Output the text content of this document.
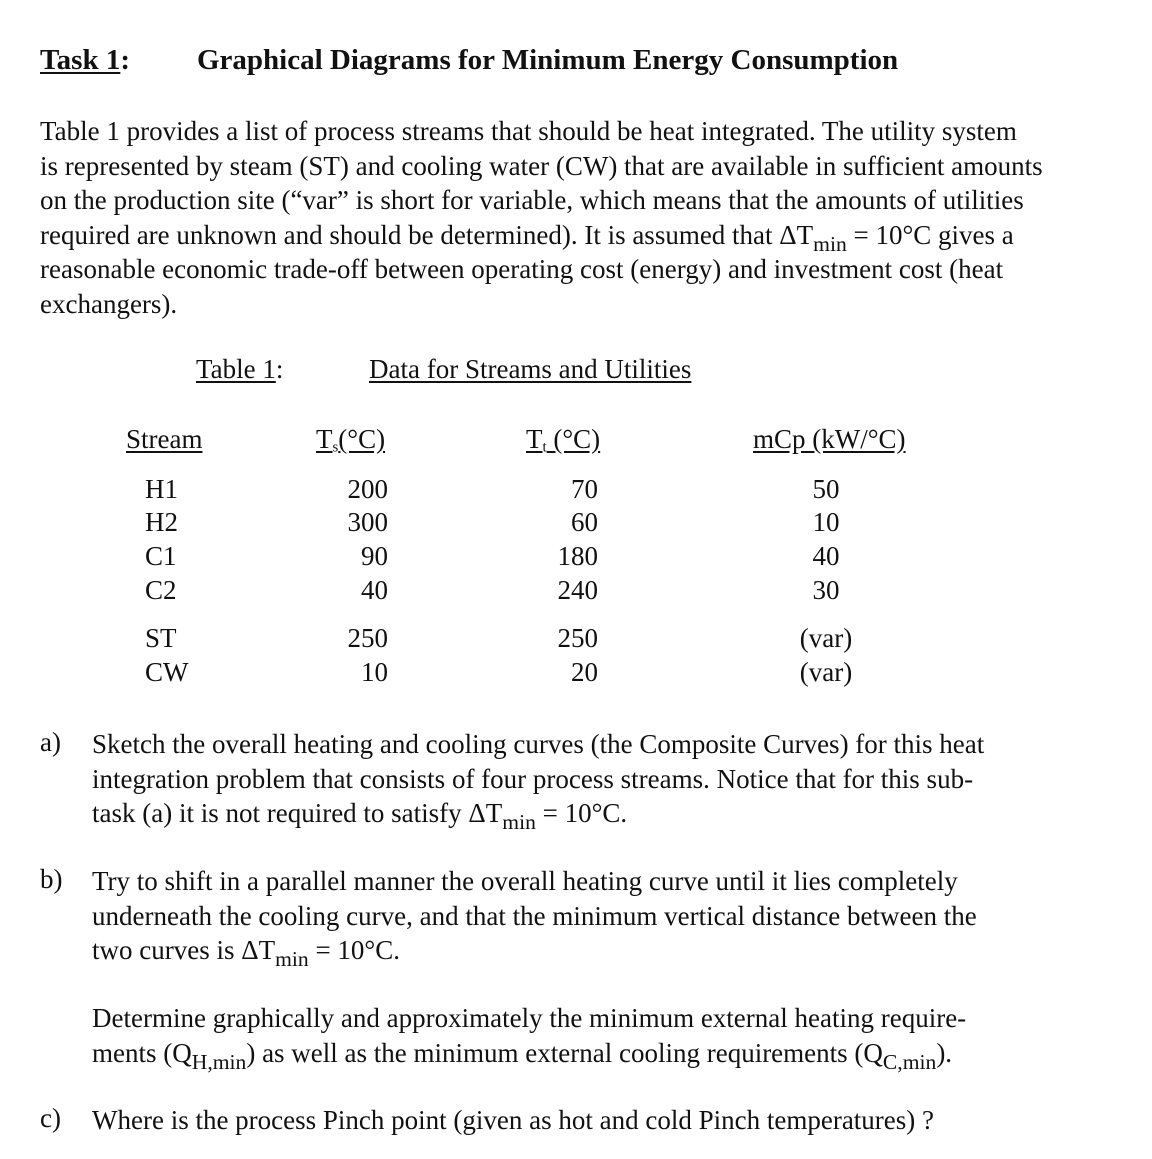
Task 1: Graphical Diagrams for Minimum Energy Consumption
Table 1 provides a list of process streams that should be heat integrated. The utility system
is represented by steam (ST) and cooling water (CW) that are available in sufficient amounts
on the production site (“var” is short for variable, which means that the amounts of utilities
required are unknown and should be determined). It is assumed that $\Delta T_{min} = 10^\circ C$ gives a
reasonable economic trade-off between operating cost (energy) and investment cost (heat
exchangers).
Table 1:	Data for Streams and Utilities
Stream	$T_s(^\circ C)$	$T_t$ (°C)	mCp (kW/°C)
H1	200	70	50
H2	300	60	10
C1	90	180	40
C2	40	240	30
ST	250	250	(var)
CW	10	20	(var)
a) Sketch the overall heating and cooling curves (the Composite Curves) for this heat
integration problem that consists of four process streams. Notice that for this sub-
task (a) it is not required to satisfy $\Delta T_{min} = 10^\circ C$.
b) Try to shift in a parallel manner the overall heating curve until it lies completely
underneath the cooling curve, and that the minimum vertical distance between the
two curves is $\Delta T_{min} = 10^\circ C$.
Determine graphically and approximately the minimum external heating require-
ments $(Q_{H,min})$ as well as the minimum external cooling requirements $(Q_{C,min})$.
c) Where is the process Pinch point (given as hot and cold Pinch temperatures) ?
